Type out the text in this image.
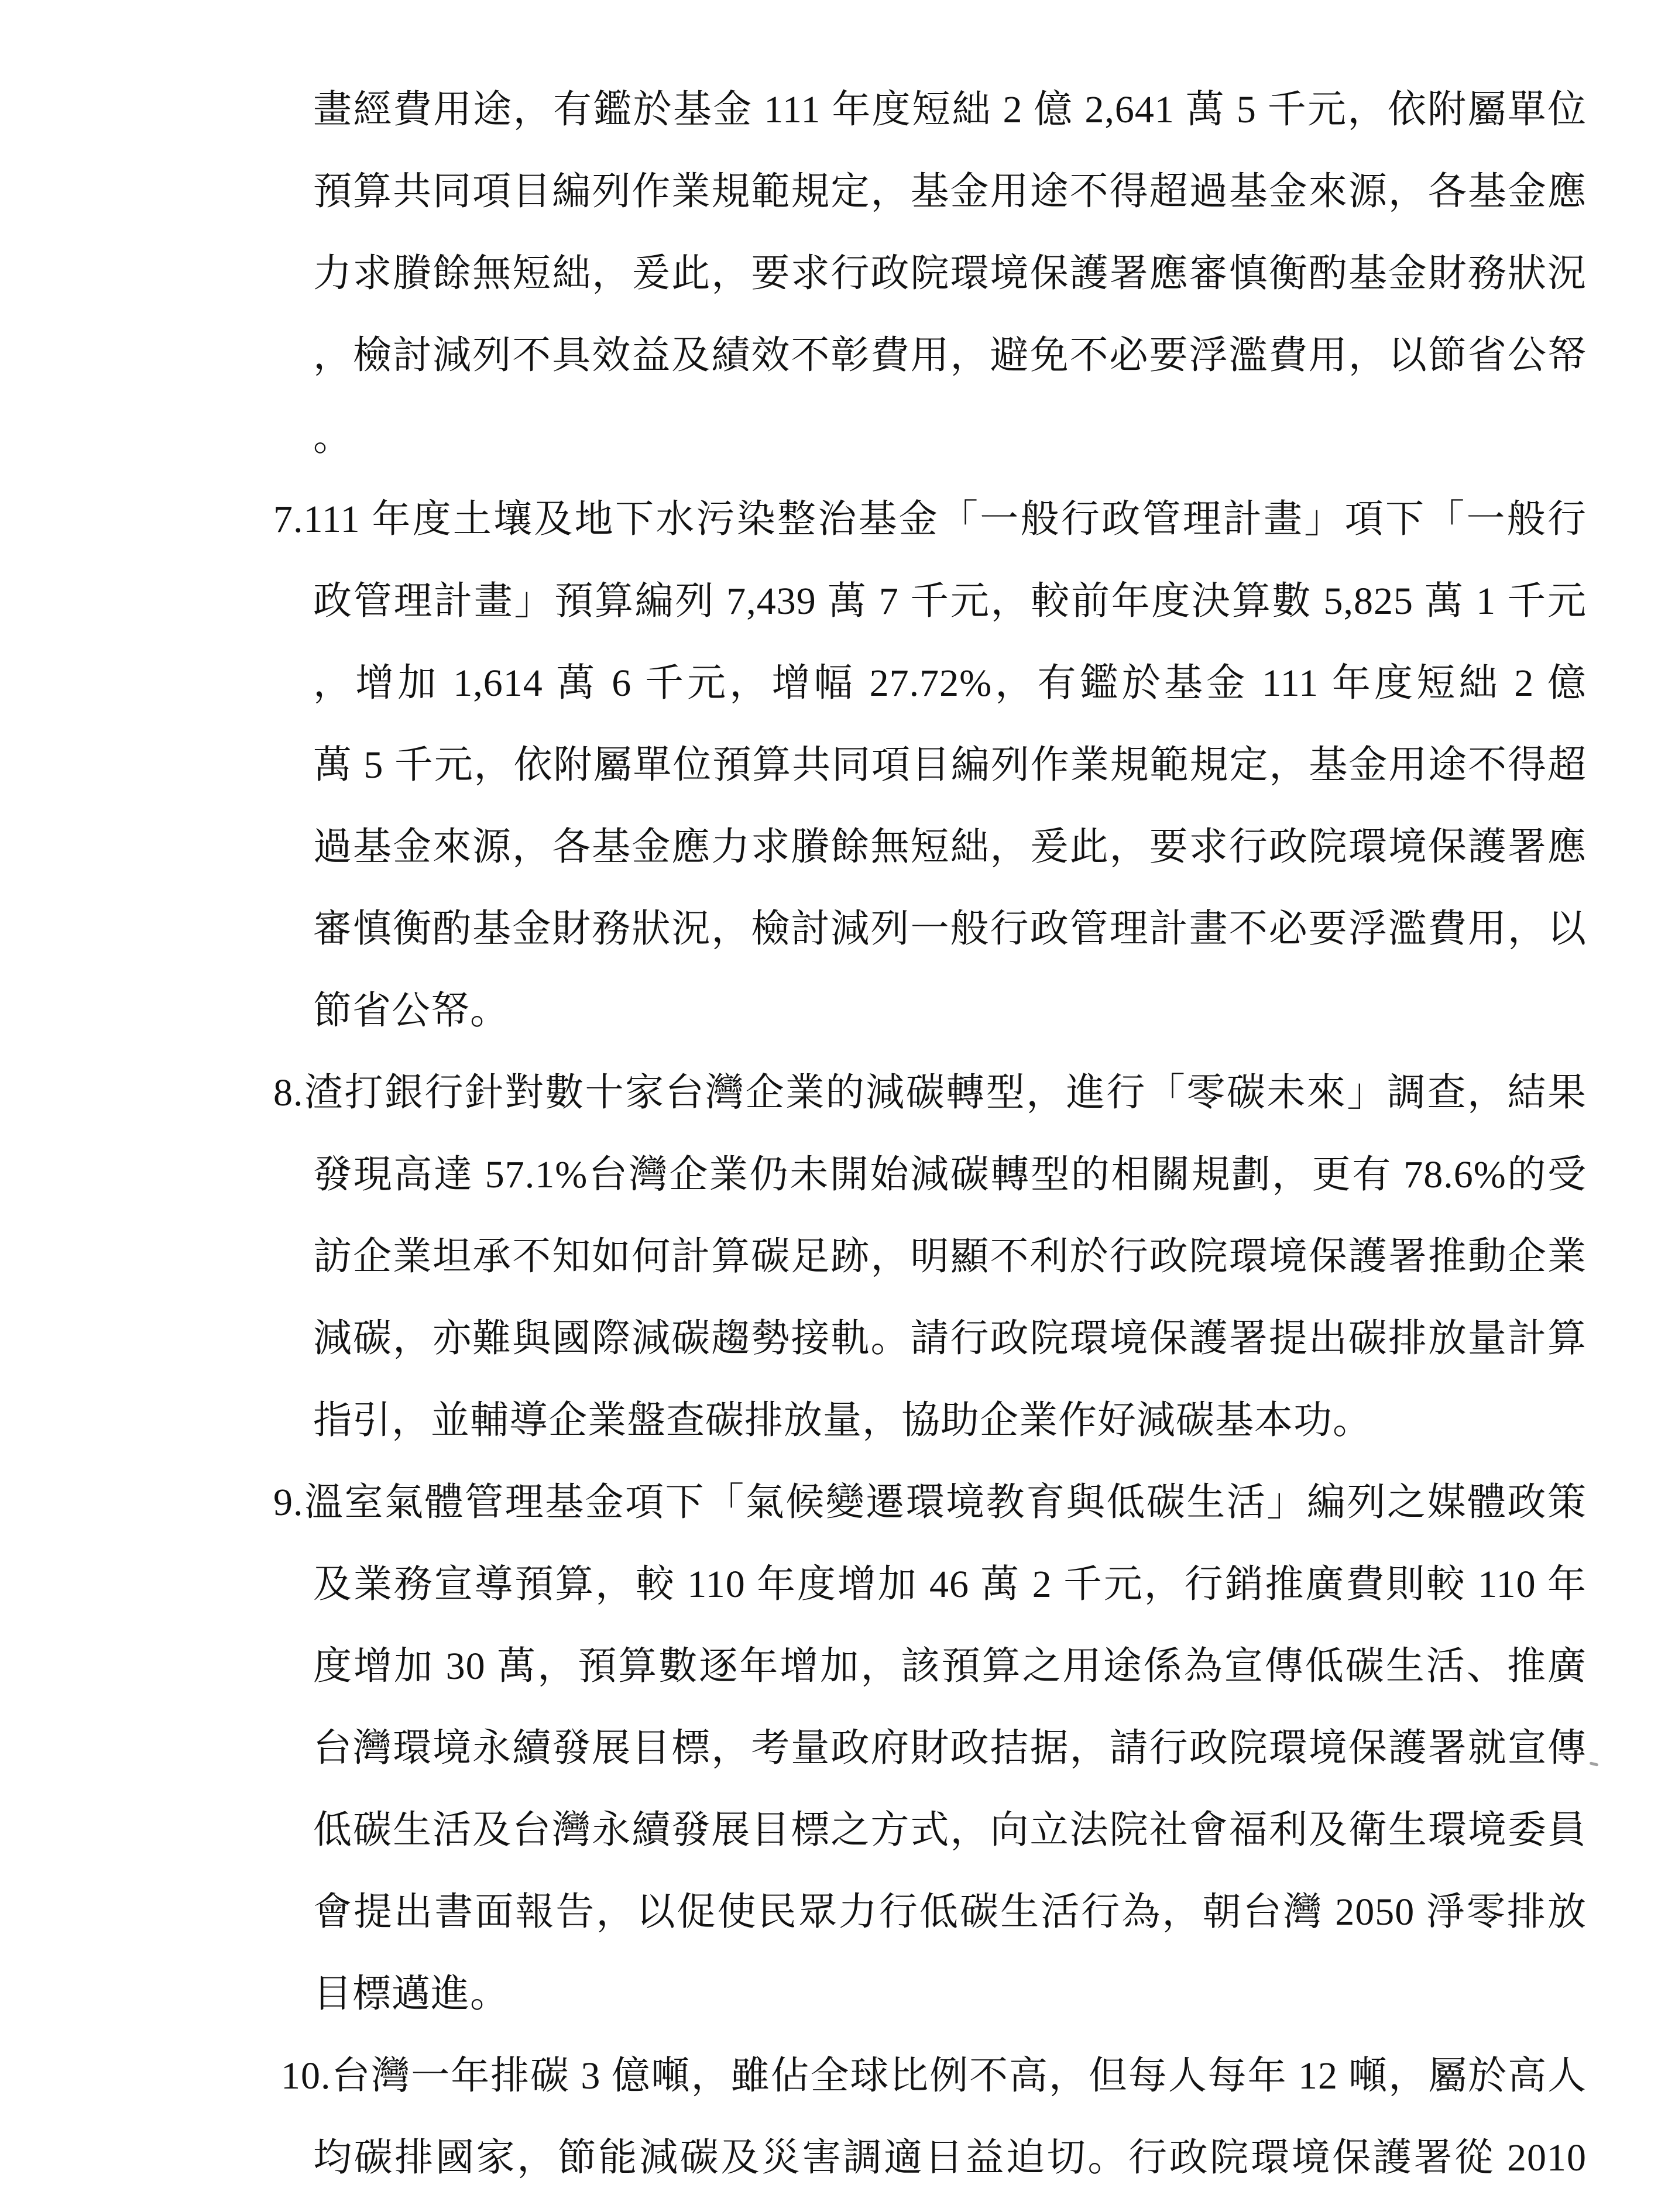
畫經費用途，有鑑於基金 111 年度短絀 2 億 2,641 萬 5 千元，依附屬單位
預算共同項目編列作業規範規定，基金用途不得超過基金來源，各基金應
力求賸餘無短絀，爰此，要求行政院環境保護署應審慎衡酌基金財務狀況
，檢討減列不具效益及績效不彰費用，避免不必要浮濫費用，以節省公帑
。
7.111 年度土壤及地下水污染整治基金「一般行政管理計畫」項下「一般行
政管理計畫」預算編列 7,439 萬 7 千元，較前年度決算數 5,825 萬 1 千元
，增加 1,614 萬 6 千元，增幅 27.72%，有鑑於基金 111 年度短絀 2 億
萬 5 千元，依附屬單位預算共同項目編列作業規範規定，基金用途不得超
過基金來源，各基金應力求賸餘無短絀，爰此，要求行政院環境保護署應
審慎衡酌基金財務狀況，檢討減列一般行政管理計畫不必要浮濫費用，以
節省公帑。
8.渣打銀行針對數十家台灣企業的減碳轉型，進行「零碳未來」調查，結果
發現高達 57.1%台灣企業仍未開始減碳轉型的相關規劃，更有 78.6%的受
訪企業坦承不知如何計算碳足跡，明顯不利於行政院環境保護署推動企業
減碳，亦難與國際減碳趨勢接軌。請行政院環境保護署提出碳排放量計算
指引，並輔導企業盤查碳排放量，協助企業作好減碳基本功。
9.溫室氣體管理基金項下「氣候變遷環境教育與低碳生活」編列之媒體政策
及業務宣導預算，較 110 年度增加 46 萬 2 千元，行銷推廣費則較 110 年
度增加 30 萬，預算數逐年增加，該預算之用途係為宣傳低碳生活、推廣
台灣環境永續發展目標，考量政府財政拮据，請行政院環境保護署就宣傳
低碳生活及台灣永續發展目標之方式，向立法院社會福利及衛生環境委員
會提出書面報告，以促使民眾力行低碳生活行為，朝台灣 2050 淨零排放
目標邁進。
10.台灣一年排碳 3 億噸，雖佔全球比例不高，但每人每年 12 噸，屬於高人
均碳排國家，節能減碳及災害調適日益迫切。行政院環境保護署從 2010
